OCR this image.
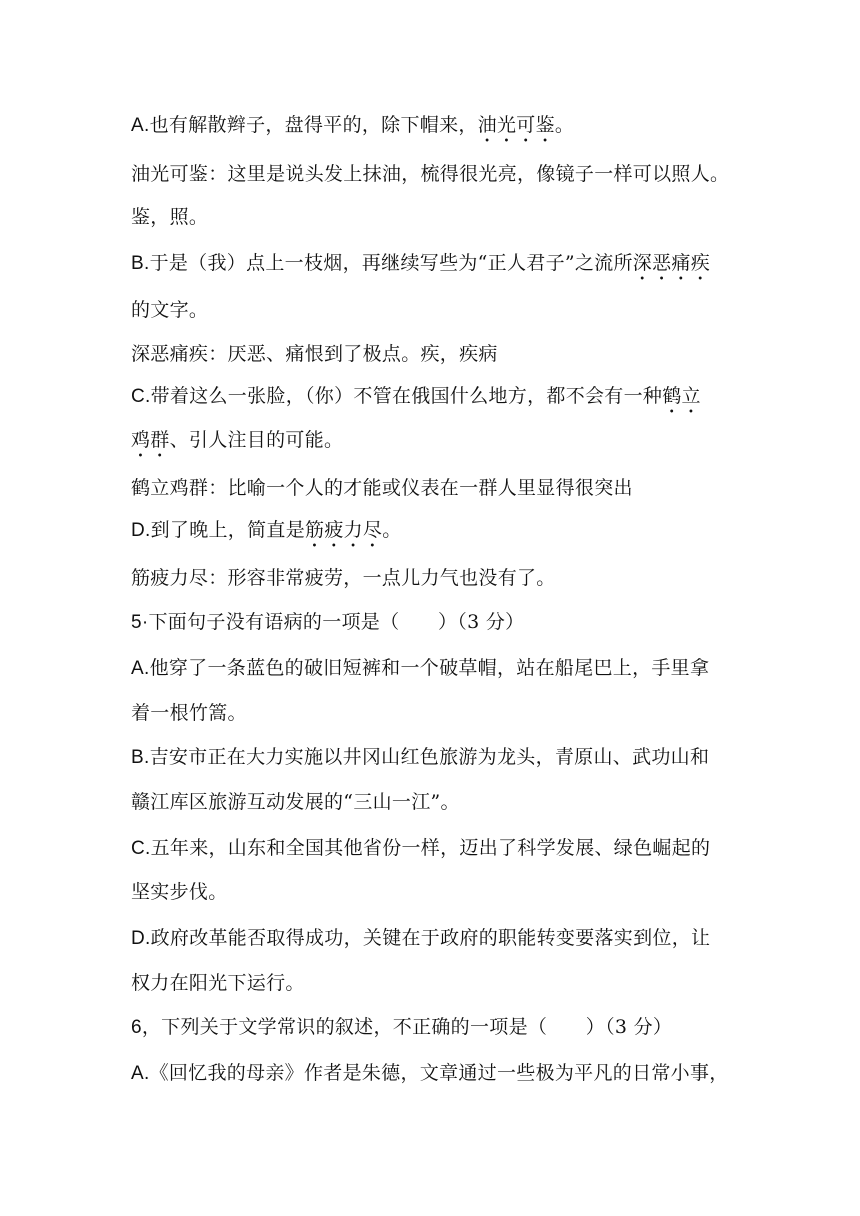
A.也有解散辫子，盘得平的，除下帽来，油光可鉴。
油光可鉴：这里是说头发上抹油，梳得很光亮，像镜子一样可以照人。
鉴，照。
B.于是（我）点上一枝烟，再继续写些为“正人君子”之流所深恶痛疾
的文字。
深恶痛疾：厌恶、痛恨到了极点。疾，疾病
C.带着这么一张脸，（你）不管在俄国什么地方，都不会有一种鹤立
鸡群、引人注目的可能。
鹤立鸡群：比喻一个人的才能或仪表在一群人里显得很突出
D.到了晚上，简直是筋疲力尽。
筋疲力尽：形容非常疲劳，一点儿力气也没有了。
5·下面句子没有语病的一项是（　　）（3 分）
A.他穿了一条蓝色的破旧短裤和一个破草帽，站在船尾巴上，手里拿
着一根竹篙。
B.吉安市正在大力实施以井冈山红色旅游为龙头，青原山、武功山和
赣江库区旅游互动发展的“三山一江”。
C.五年来，山东和全国其他省份一样，迈出了科学发展、绿色崛起的
坚实步伐。
D.政府改革能否取得成功，关键在于政府的职能转变要落实到位，让
权力在阳光下运行。
6，下列关于文学常识的叙述，不正确的一项是（　　）（3 分）
A.《回忆我的母亲》作者是朱德，文章通过一些极为平凡的日常小事，
